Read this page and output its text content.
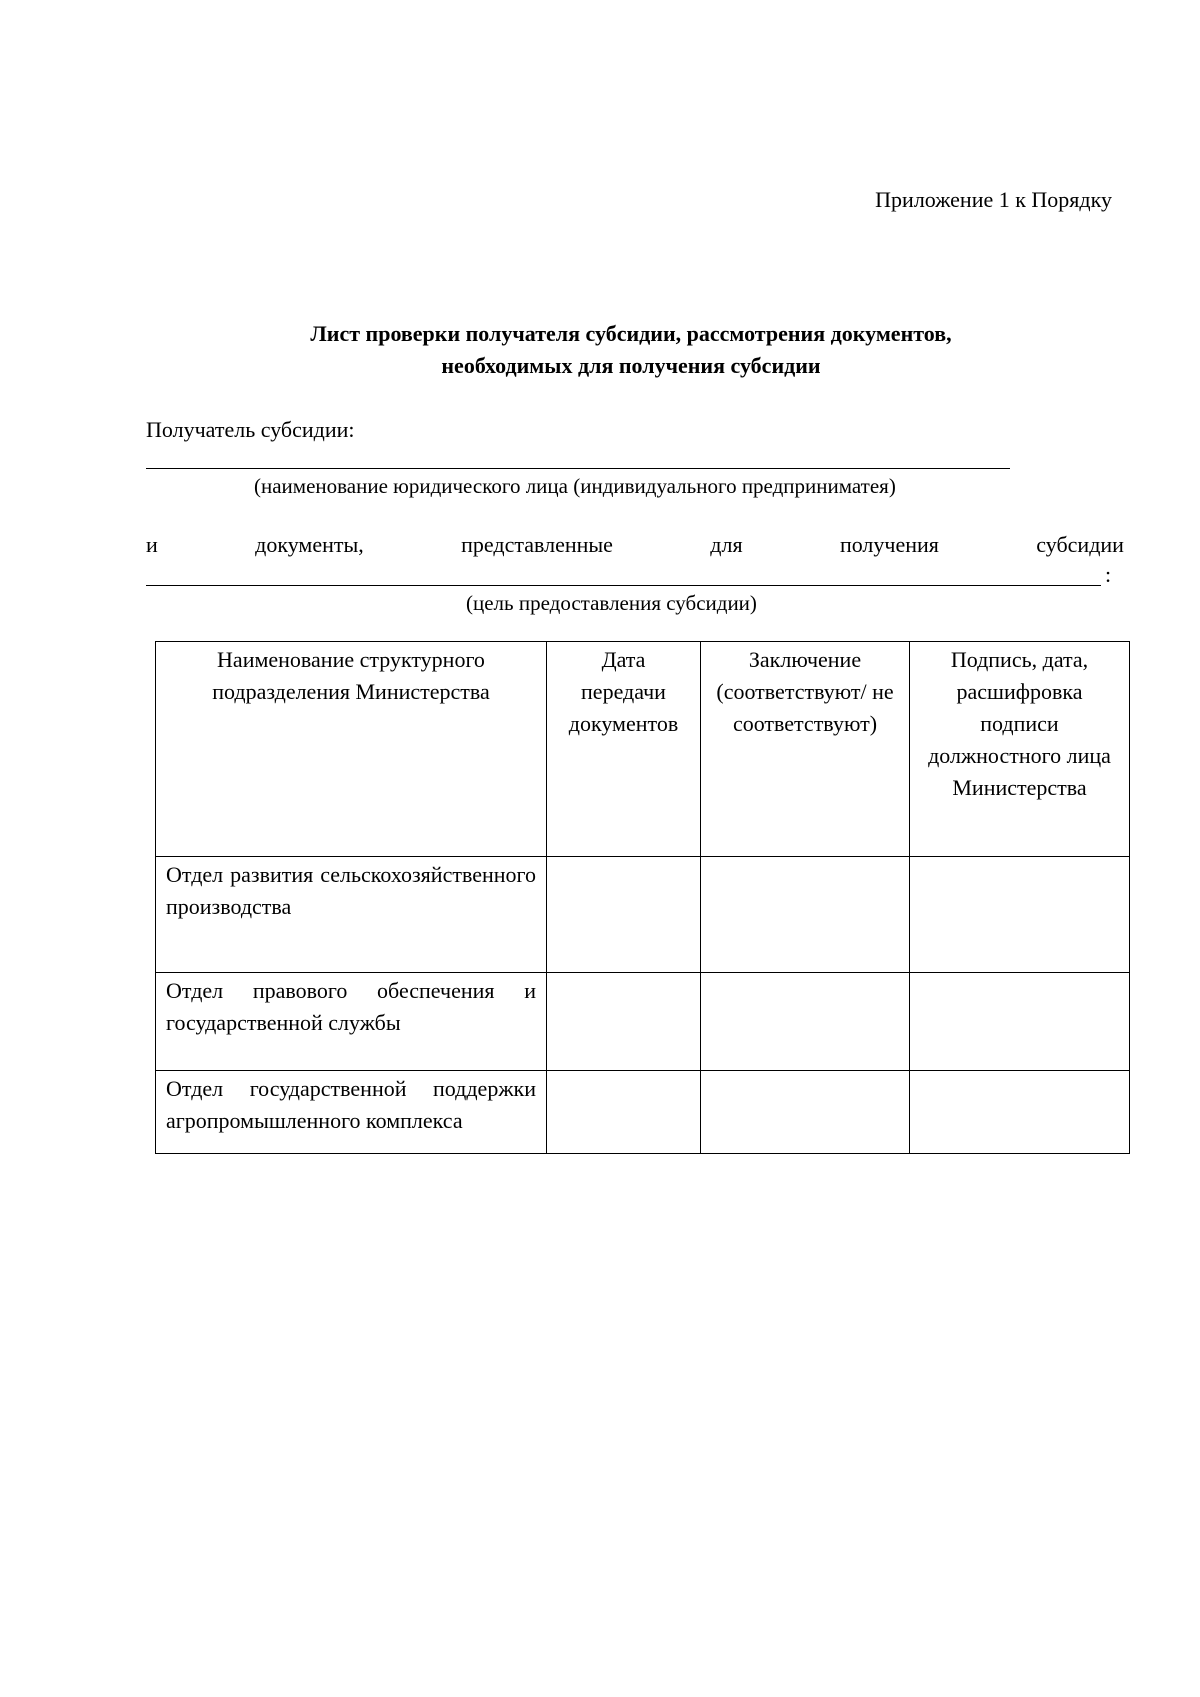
Приложение 1 к Порядку
Лист проверки получателя субсидии, рассмотрения документов,
необходимых для получения субсидии
Получатель субсидии:
(наименование юридического лица (индивидуального предприниматея)
и	документы,	представленные	для	получения	субсидии
:
(цель предоставления субсидии)
Наименование структурного подразделения Министерства	Дата передачи документов	Заключение (соответствуют/ не соответствуют)	Подпись, дата, расшифровка подписи должностного лица Министерства
Отдел развития сельскохозяйственного производства			
Отдел правового обеспечения и государственной службы			
Отдел государственной поддержки агропромышленного комплекса			
